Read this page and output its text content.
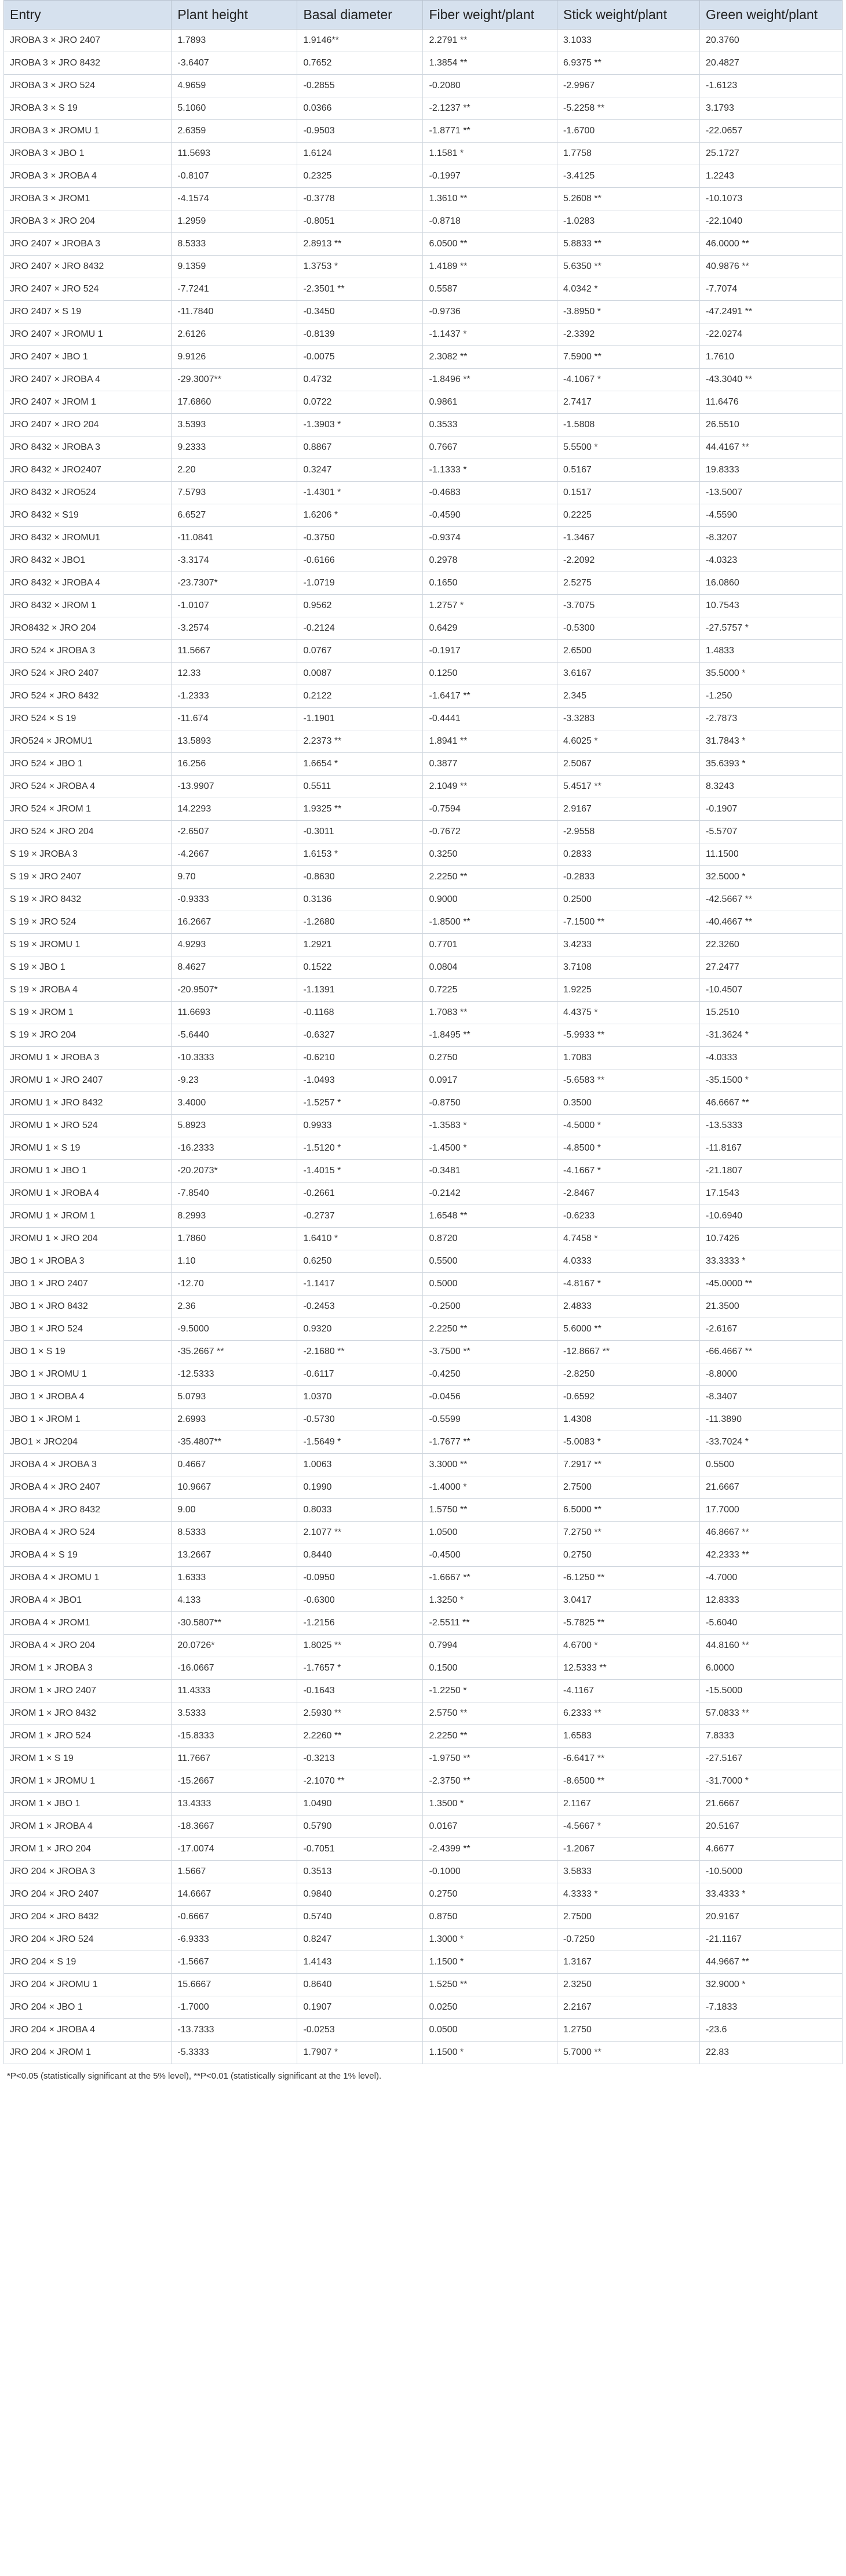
Entry	Plant height	Basal diameter	Fiber weight/plant	Stick weight/plant	Green weight/plant
JROBA 3 × JRO 2407	1.7893	1.9146**	2.2791 **	3.1033	20.3760
JROBA 3 × JRO 8432	-3.6407	0.7652	1.3854 **	6.9375 **	20.4827
JROBA 3 × JRO 524	4.9659	-0.2855	-0.2080	-2.9967	-1.6123
JROBA 3 × S 19	5.1060	0.0366	-2.1237 **	-5.2258 **	3.1793
JROBA 3 × JROMU 1	2.6359	-0.9503	-1.8771 **	-1.6700	-22.0657
JROBA 3 × JBO 1	11.5693	1.6124	1.1581 *	1.7758	25.1727
JROBA 3 × JROBA 4	-0.8107	0.2325	-0.1997	-3.4125	1.2243
JROBA 3 × JROM1	-4.1574	-0.3778	1.3610 **	5.2608 **	-10.1073
JROBA 3 × JRO 204	1.2959	-0.8051	-0.8718	-1.0283	-22.1040
JRO 2407 × JROBA 3	8.5333	2.8913 **	6.0500 **	5.8833 **	46.0000 **
JRO 2407 × JRO 8432	9.1359	1.3753 *	1.4189 **	5.6350 **	40.9876 **
JRO 2407 × JRO 524	-7.7241	-2.3501 **	0.5587	4.0342 *	-7.7074
JRO 2407 × S 19	-11.7840	-0.3450	-0.9736	-3.8950 *	-47.2491 **
JRO 2407 × JROMU 1	2.6126	-0.8139	-1.1437 *	-2.3392	-22.0274
JRO 2407 × JBO 1	9.9126	-0.0075	2.3082 **	7.5900 **	1.7610
JRO 2407 × JROBA 4	-29.3007**	0.4732	-1.8496 **	-4.1067 *	-43.3040 **
JRO 2407 × JROM 1	17.6860	0.0722	0.9861	2.7417	11.6476
JRO 2407 × JRO 204	3.5393	-1.3903 *	0.3533	-1.5808	26.5510
JRO 8432 × JROBA 3	9.2333	0.8867	0.7667	5.5500 *	44.4167 **
JRO 8432 × JRO2407	2.20	0.3247	-1.1333 *	0.5167	19.8333
JRO 8432 × JRO524	7.5793	-1.4301 *	-0.4683	0.1517	-13.5007
JRO 8432 × S19	6.6527	1.6206 *	-0.4590	0.2225	-4.5590
JRO 8432 × JROMU1	-11.0841	-0.3750	-0.9374	-1.3467	-8.3207
JRO 8432 × JBO1	-3.3174	-0.6166	0.2978	-2.2092	-4.0323
JRO 8432 × JROBA 4	-23.7307*	-1.0719	0.1650	2.5275	16.0860
JRO 8432 × JROM 1	-1.0107	0.9562	1.2757 *	-3.7075	10.7543
JRO8432 × JRO 204	-3.2574	-0.2124	0.6429	-0.5300	-27.5757 *
JRO 524 × JROBA 3	11.5667	0.0767	-0.1917	2.6500	1.4833
JRO 524 × JRO 2407	12.33	0.0087	0.1250	3.6167	35.5000 *
JRO 524 × JRO 8432	-1.2333	0.2122	-1.6417 **	2.345	-1.250
JRO 524 × S 19	-11.674	-1.1901	-0.4441	-3.3283	-2.7873
JRO524 × JROMU1	13.5893	2.2373 **	1.8941 **	4.6025 *	31.7843 *
JRO 524 × JBO 1	16.256	1.6654 *	0.3877	2.5067	35.6393 *
JRO 524 × JROBA 4	-13.9907	0.5511	2.1049 **	5.4517 **	8.3243
JRO 524 × JROM 1	14.2293	1.9325 **	-0.7594	2.9167	-0.1907
JRO 524 × JRO 204	-2.6507	-0.3011	-0.7672	-2.9558	-5.5707
S 19 × JROBA 3	-4.2667	1.6153 *	0.3250	0.2833	11.1500
S 19 × JRO 2407	9.70	-0.8630	2.2250 **	-0.2833	32.5000 *
S 19 × JRO 8432	-0.9333	0.3136	0.9000	0.2500	-42.5667 **
S 19 × JRO 524	16.2667	-1.2680	-1.8500 **	-7.1500 **	-40.4667 **
S 19 × JROMU 1	4.9293	1.2921	0.7701	3.4233	22.3260
S 19 × JBO 1	8.4627	0.1522	0.0804	3.7108	27.2477
S 19 × JROBA 4	-20.9507*	-1.1391	0.7225	1.9225	-10.4507
S 19 × JROM 1	11.6693	-0.1168	1.7083 **	4.4375 *	15.2510
S 19 × JRO 204	-5.6440	-0.6327	-1.8495 **	-5.9933 **	-31.3624 *
JROMU 1 × JROBA 3	-10.3333	-0.6210	0.2750	1.7083	-4.0333
JROMU 1 × JRO 2407	-9.23	-1.0493	0.0917	-5.6583 **	-35.1500 *
JROMU 1 × JRO 8432	3.4000	-1.5257 *	-0.8750	0.3500	46.6667 **
JROMU 1 × JRO 524	5.8923	0.9933	-1.3583 *	-4.5000 *	-13.5333
JROMU 1 × S 19	-16.2333	-1.5120 *	-1.4500 *	-4.8500 *	-11.8167
JROMU 1 × JBO 1	-20.2073*	-1.4015 *	-0.3481	-4.1667 *	-21.1807
JROMU 1 × JROBA 4	-7.8540	-0.2661	-0.2142	-2.8467	17.1543
JROMU 1 × JROM 1	8.2993	-0.2737	1.6548 **	-0.6233	-10.6940
JROMU 1 × JRO 204	1.7860	1.6410 *	0.8720	4.7458 *	10.7426
JBO 1 × JROBA 3	1.10	0.6250	0.5500	4.0333	33.3333 *
JBO 1 × JRO 2407	-12.70	-1.1417	0.5000	-4.8167 *	-45.0000 **
JBO 1 × JRO 8432	2.36	-0.2453	-0.2500	2.4833	21.3500
JBO 1 × JRO 524	-9.5000	0.9320	2.2250 **	5.6000 **	-2.6167
JBO 1 × S 19	-35.2667 **	-2.1680 **	-3.7500 **	-12.8667 **	-66.4667 **
JBO 1 × JROMU 1	-12.5333	-0.6117	-0.4250	-2.8250	-8.8000
JBO 1 × JROBA 4	5.0793	1.0370	-0.0456	-0.6592	-8.3407
JBO 1 × JROM 1	2.6993	-0.5730	-0.5599	1.4308	-11.3890
JBO1 × JRO204	-35.4807**	-1.5649 *	-1.7677 **	-5.0083 *	-33.7024 *
JROBA 4 × JROBA 3	0.4667	1.0063	3.3000 **	7.2917 **	0.5500
JROBA 4 × JRO 2407	10.9667	0.1990	-1.4000 *	2.7500	21.6667
JROBA 4 × JRO 8432	9.00	0.8033	1.5750 **	6.5000 **	17.7000
JROBA 4 × JRO 524	8.5333	2.1077 **	1.0500	7.2750 **	46.8667 **
JROBA 4 × S 19	13.2667	0.8440	-0.4500	0.2750	42.2333 **
JROBA 4 × JROMU 1	1.6333	-0.0950	-1.6667 **	-6.1250 **	-4.7000
JROBA 4 × JBO1	4.133	-0.6300	1.3250 *	3.0417	12.8333
JROBA 4 × JROM1	-30.5807**	-1.2156	-2.5511 **	-5.7825 **	-5.6040
JROBA 4 × JRO 204	20.0726*	1.8025 **	0.7994	4.6700 *	44.8160 **
JROM 1 × JROBA 3	-16.0667	-1.7657 *	0.1500	12.5333 **	6.0000
JROM 1 × JRO 2407	11.4333	-0.1643	-1.2250 *	-4.1167	-15.5000
JROM 1 × JRO 8432	3.5333	2.5930 **	2.5750 **	6.2333 **	57.0833 **
JROM 1 × JRO 524	-15.8333	2.2260 **	2.2250 **	1.6583	7.8333
JROM 1 × S 19	11.7667	-0.3213	-1.9750 **	-6.6417 **	-27.5167
JROM 1 × JROMU 1	-15.2667	-2.1070 **	-2.3750 **	-8.6500 **	-31.7000 *
JROM 1 × JBO 1	13.4333	1.0490	1.3500 *	2.1167	21.6667
JROM 1 × JROBA 4	-18.3667	0.5790	0.0167	-4.5667 *	20.5167
JROM 1 × JRO 204	-17.0074	-0.7051	-2.4399 **	-1.2067	4.6677
JRO 204 × JROBA 3	1.5667	0.3513	-0.1000	3.5833	-10.5000
JRO 204 × JRO 2407	14.6667	0.9840	0.2750	4.3333 *	33.4333 *
JRO 204 × JRO 8432	-0.6667	0.5740	0.8750	2.7500	20.9167
JRO 204 × JRO 524	-6.9333	0.8247	1.3000 *	-0.7250	-21.1167
JRO 204 × S 19	-1.5667	1.4143	1.1500 *	1.3167	44.9667 **
JRO 204 × JROMU 1	15.6667	0.8640	1.5250 **	2.3250	32.9000 *
JRO 204 × JBO 1	-1.7000	0.1907	0.0250	2.2167	-7.1833
JRO 204 × JROBA 4	-13.7333	-0.0253	0.0500	1.2750	-23.6
JRO 204 × JROM 1	-5.3333	1.7907 *	1.1500 *	5.7000 **	22.83
*P<0.05 (statistically significant at the 5% level), **P<0.01 (statistically significant at the 1% level).
